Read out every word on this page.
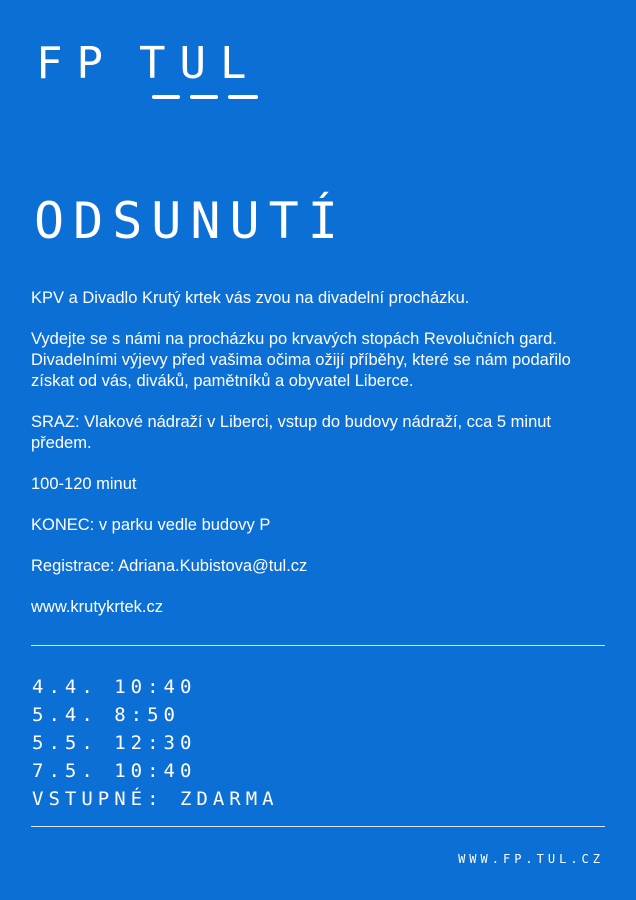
FP TUL
ODSUNUTÍ

KPV a Divadlo Krutý krtek vás zvou na divadelní procházku.

Vydejte se s námi na procházku po krvavých stopách Revolučních gard. Divadelními výjevy před vašima očima ožijí příběhy, které se nám podařilo získat od vás, diváků, pamětníků a obyvatel Liberce.

SRAZ: Vlakové nádraží v Liberci, vstup do budovy nádraží, cca 5 minut předem.

100-120 minut

KONEC: v parku vedle budovy P

Registrace: Adriana.Kubistova@tul.cz

www.krutykrtek.cz

4.4. 10:40
5.4. 8:50
5.5. 12:30
7.5. 10:40
VSTUPNÉ: ZDARMA
WWW.FP.TUL.CZ
